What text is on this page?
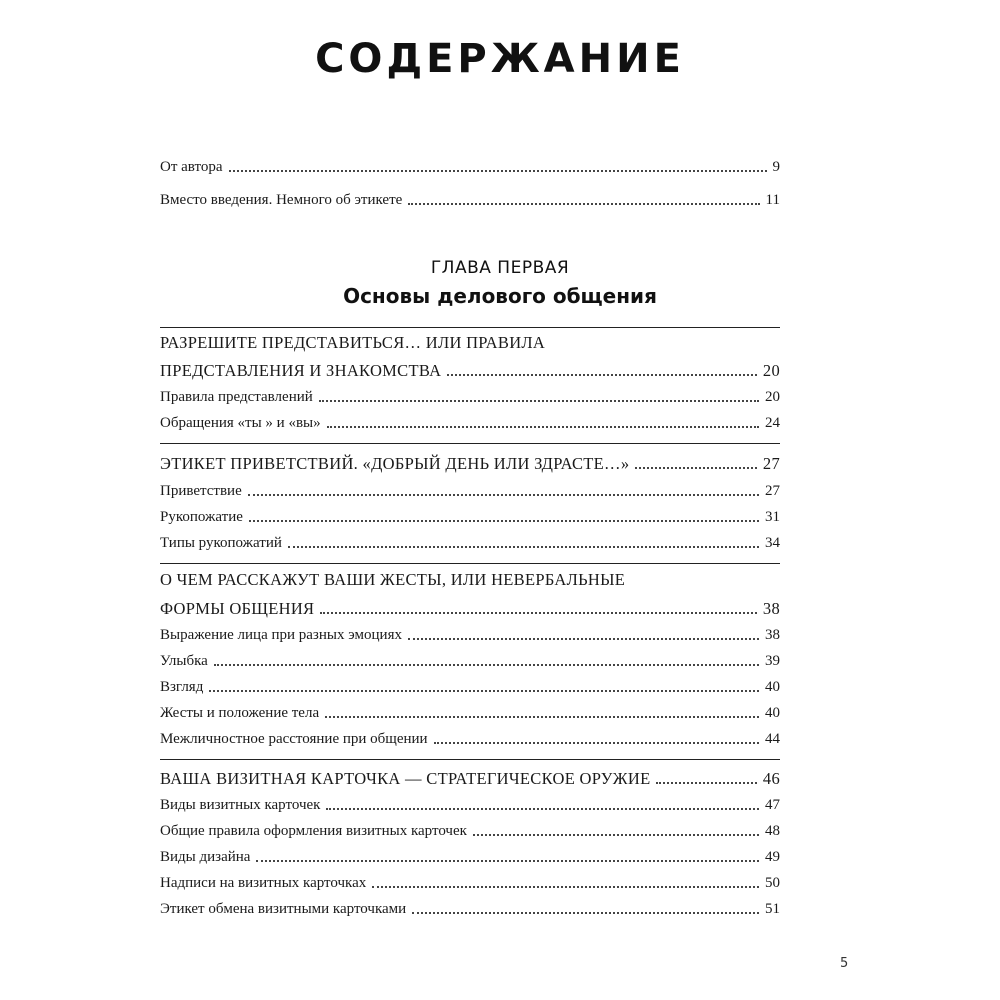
СОДЕРЖАНИЕ
От автора	9
Вместо введения. Немного об этикете	11
ГЛАВА ПЕРВАЯ
Основы делового общения
РАЗРЕШИТЕ ПРЕДСТАВИТЬСЯ… ИЛИ ПРАВИЛА
ПРЕДСТАВЛЕНИЯ И ЗНАКОМСТВА	20
Правила представлений	20
Обращения «ты » и «вы»	24
ЭТИКЕТ ПРИВЕТСТВИЙ. «ДОБРЫЙ ДЕНЬ ИЛИ ЗДРАСТЕ…»	27
Приветствие	27
Рукопожатие	31
Типы рукопожатий	34
О ЧЕМ РАССКАЖУТ ВАШИ ЖЕСТЫ, ИЛИ НЕВЕРБАЛЬНЫЕ
ФОРМЫ ОБЩЕНИЯ	38
Выражение лица при разных эмоциях	38
Улыбка	39
Взгляд	40
Жесты и положение тела	40
Межличностное расстояние при общении	44
ВАША ВИЗИТНАЯ КАРТОЧКА — СТРАТЕГИЧЕСКОЕ ОРУЖИЕ	46
Виды визитных карточек	47
Общие правила оформления визитных карточек	48
Виды дизайна	49
Надписи на визитных карточках	50
Этикет обмена визитными карточками	51
5
